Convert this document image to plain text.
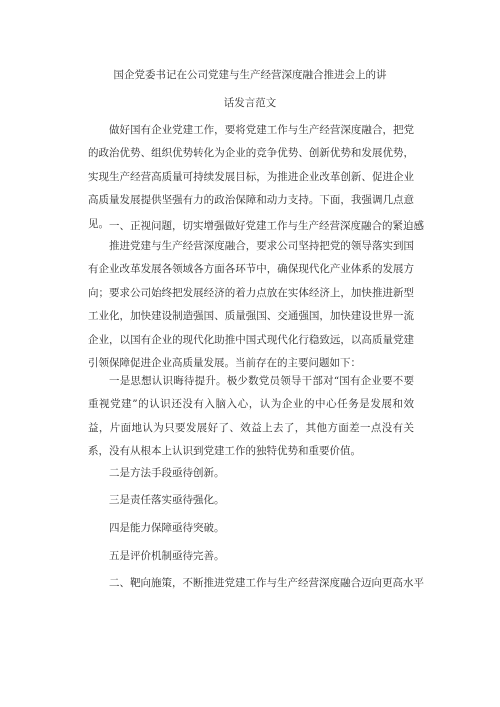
国企党委书记在公司党建与生产经营深度融合推进会上的讲
话发言范文

做好国有企业党建工作，要将党建工作与生产经营深度融合，把党的政治优势、组织优势转化为企业的竞争优势、创新优势和发展优势，实现生产经营高质量可持续发展目标，为推进企业改革创新、促进企业高质量发展提供坚强有力的政治保障和动力支持。下面，我强调几点意见。 一、正视问题，切实增强做好党建工作与生产经营深度融合的紧迫感

推进党建与生产经营深度融合，要求公司坚持把党的领导落实到国有企业改革发展各领域各方面各环节中，确保现代化产业体系的发展方向；要求公司始终把发展经济的着力点放在实体经济上，加快推进新型工业化，加快建设制造强国、质量强国、交通强国，加快建设世界一流企业，以国有企业的现代化助推中国式现代化行稳致远，以高质量党建引领保障促进企业高质量发展。当前存在的主要问题如下：

一是思想认识晦待提升。极少数党员领导干部对“国有企业要不要重视党建”的认识还没有入脑入心，认为企业的中心任务是发展和效益，片面地认为只要发展好了、效益上去了，其他方面差一点没有关系，没有从根本上认识到党建工作的独特优势和重要价值。

二是方法手段亟待创新。
三是责任落实亟待强化。
四是能力保障亟待突破。
五是评价机制亟待完善。
二、靶向施策，不断推进党建工作与生产经营深度融合迈向更高水平
